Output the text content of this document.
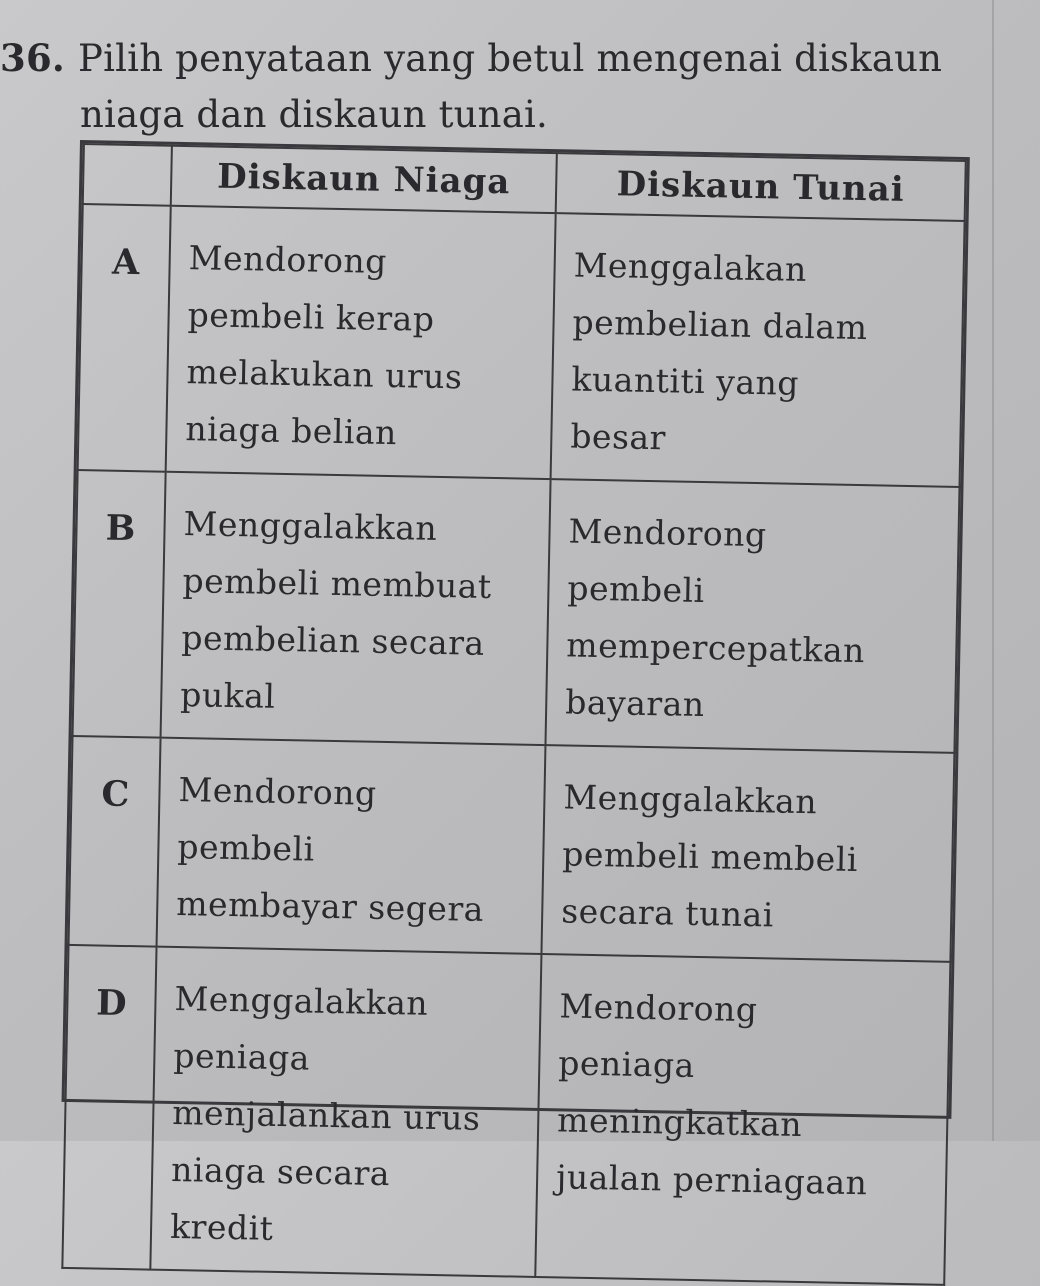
36. Pilih penyataan yang betul mengenai diskaun
niaga dan diskaun tunai.
	Diskaun Niaga	Diskaun Tunai
A	Mendorong
pembeli kerap
melakukan urus
niaga belian	Menggalakan
pembelian dalam
kuantiti yang
besar
B	Menggalakkan
pembeli membuat
pembelian secara
pukal	Mendorong
pembeli
mempercepatkan
bayaran
C	Mendorong
pembeli
membayar segera	Menggalakkan
pembeli membeli
secara tunai
D	Menggalakkan
peniaga
menjalankan urus
niaga secara
kredit	Mendorong
peniaga
meningkatkan
jualan perniagaan
